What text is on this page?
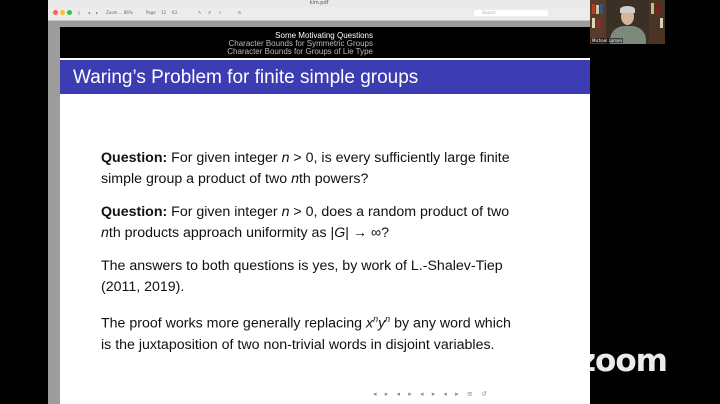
kim.pdf
▯ ◂ ▸ Zoom ... 86%	Page 12 63	✎ ✐ ⇪	↻	Search
Some Motivating Questions
Character Bounds for Symmetric Groups
Character Bounds for Groups of Lie Type
Waring’s Problem for finite simple groups
Question: For given integer n > 0, is every sufficiently large finite
simple group a product of two nth powers?
Question: For given integer n > 0, does a random product of two
nth products approach uniformity as |G| → ∞?
The answers to both questions is yes, by work of L.-Shalev-Tiep
(2011, 2019).
The proof works more generally replacing $x^ny^n$ by any word which
is the juxtaposition of two non-trivial words in disjoint variables.
◂ ▸ ◂ ▸ ◂ ▸ ◂ ▸ ≡ ↺
Michael Larsen
zoom
